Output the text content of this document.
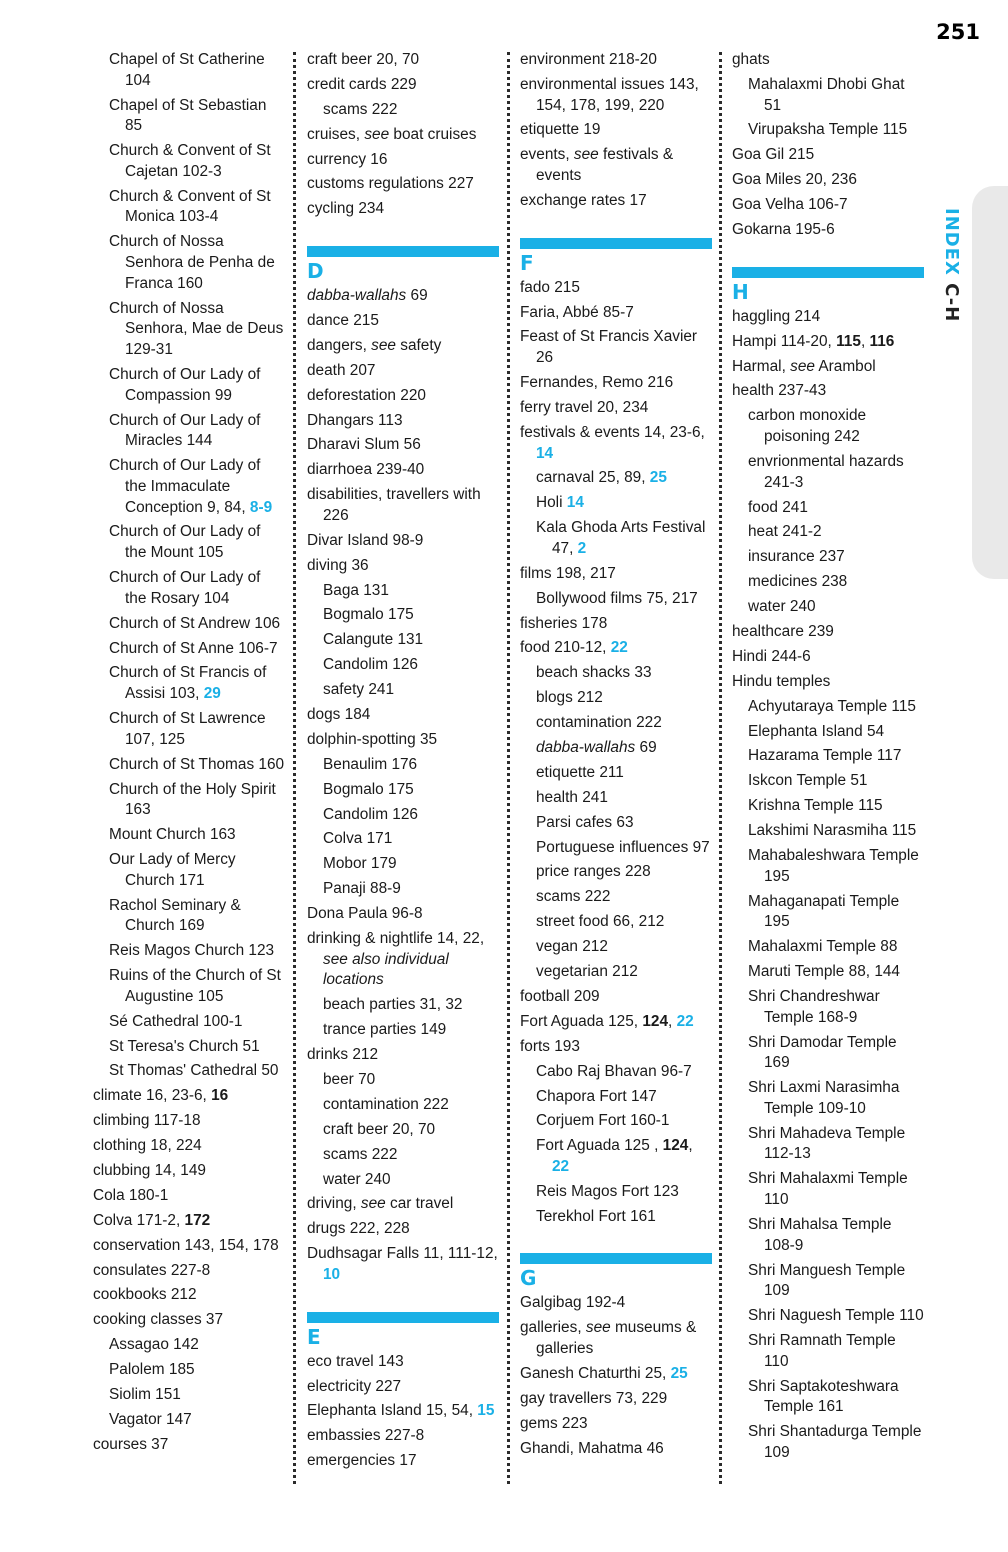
251
INDEX C-H
Chapel of St Catherine 104
Chapel of St Sebastian 85
Church & Convent of St Cajetan 102-3
Church & Convent of St Monica 103-4
Church of Nossa Senhora de Penha de Franca 160
Church of Nossa Senhora, Mae de Deus 129-31
Church of Our Lady of Compassion 99
Church of Our Lady of Miracles 144
Church of Our Lady of the Immaculate Conception 9, 84, 8-9
Church of Our Lady of the Mount 105
Church of Our Lady of the Rosary 104
Church of St Andrew 106
Church of St Anne 106-7
Church of St Francis of Assisi 103, 29
Church of St Lawrence 107, 125
Church of St Thomas 160
Church of the Holy Spirit 163
Mount Church 163
Our Lady of Mercy Church 171
Rachol Seminary & Church 169
Reis Magos Church 123
Ruins of the Church of St Augustine 105
Sé Cathedral 100-1
St Teresa's Church 51
St Thomas' Cathedral 50
climate 16, 23-6, 16
climbing 117-18
clothing 18, 224
clubbing 14, 149
Cola 180-1
Colva 171-2, 172
conservation 143, 154, 178
consulates 227-8
cookbooks 212
cooking classes 37
Assagao 142
Palolem 185
Siolim 151
Vagator 147
courses 37
craft beer 20, 70
credit cards 229
scams 222
cruises, see boat cruises
currency 16
customs regulations 227
cycling 234
D
dabba-wallahs 69
dance 215
dangers, see safety
death 207
deforestation 220
Dhangars 113
Dharavi Slum 56
diarrhoea 239-40
disabilities, travellers with 226
Divar Island 98-9
diving 36
Baga 131
Bogmalo 175
Calangute 131
Candolim 126
safety 241
dogs 184
dolphin-spotting 35
Benaulim 176
Bogmalo 175
Candolim 126
Colva 171
Mobor 179
Panaji 88-9
Dona Paula 96-8
drinking & nightlife 14, 22, see also individual locations
beach parties 31, 32
trance parties 149
drinks 212
beer 70
contamination 222
craft beer 20, 70
scams 222
water 240
driving, see car travel
drugs 222, 228
Dudhsagar Falls 11, 111-12, 10
E
eco travel 143
electricity 227
Elephanta Island 15, 54, 15
embassies 227-8
emergencies 17
environment 218-20
environmental issues 143, 154, 178, 199, 220
etiquette 19
events, see festivals & events
exchange rates 17
F
fado 215
Faria, Abbé 85-7
Feast of St Francis Xavier 26
Fernandes, Remo 216
ferry travel 20, 234
festivals & events 14, 23-6, 14
carnaval 25, 89, 25
Holi 14
Kala Ghoda Arts Festival 47, 2
films 198, 217
Bollywood films 75, 217
fisheries 178
food 210-12, 22
beach shacks 33
blogs 212
contamination 222
dabba-wallahs 69
etiquette 211
health 241
Parsi cafes 63
Portuguese influences 97
price ranges 228
scams 222
street food 66, 212
vegan 212
vegetarian 212
football 209
Fort Aguada 125, 124, 22
forts 193
Cabo Raj Bhavan 96-7
Chapora Fort 147
Corjuem Fort 160-1
Fort Aguada 125 , 124, 22
Reis Magos Fort 123
Terekhol Fort 161
G
Galgibag 192-4
galleries, see museums & galleries
Ganesh Chaturthi 25, 25
gay travellers 73, 229
gems 223
Ghandi, Mahatma 46
ghats
Mahalaxmi Dhobi Ghat 51
Virupaksha Temple 115
Goa Gil 215
Goa Miles 20, 236
Goa Velha 106-7
Gokarna 195-6
H
haggling 214
Hampi 114-20, 115, 116
Harmal, see Arambol
health 237-43
carbon monoxide poisoning 242
envrionmental hazards 241-3
food 241
heat 241-2
insurance 237
medicines 238
water 240
healthcare 239
Hindi 244-6
Hindu temples
Achyutaraya Temple 115
Elephanta Island 54
Hazarama Temple 117
Iskcon Temple 51
Krishna Temple 115
Lakshimi Narasmiha 115
Mahabaleshwara Temple 195
Mahaganapati Temple 195
Mahalaxmi Temple 88
Maruti Temple 88, 144
Shri Chandreshwar Temple 168-9
Shri Damodar Temple 169
Shri Laxmi Narasimha Temple 109-10
Shri Mahadeva Temple 112-13
Shri Mahalaxmi Temple 110
Shri Mahalsa Temple 108-9
Shri Manguesh Temple 109
Shri Naguesh Temple 110
Shri Ramnath Temple 110
Shri Saptakoteshwara Temple 161
Shri Shantadurga Temple 109
